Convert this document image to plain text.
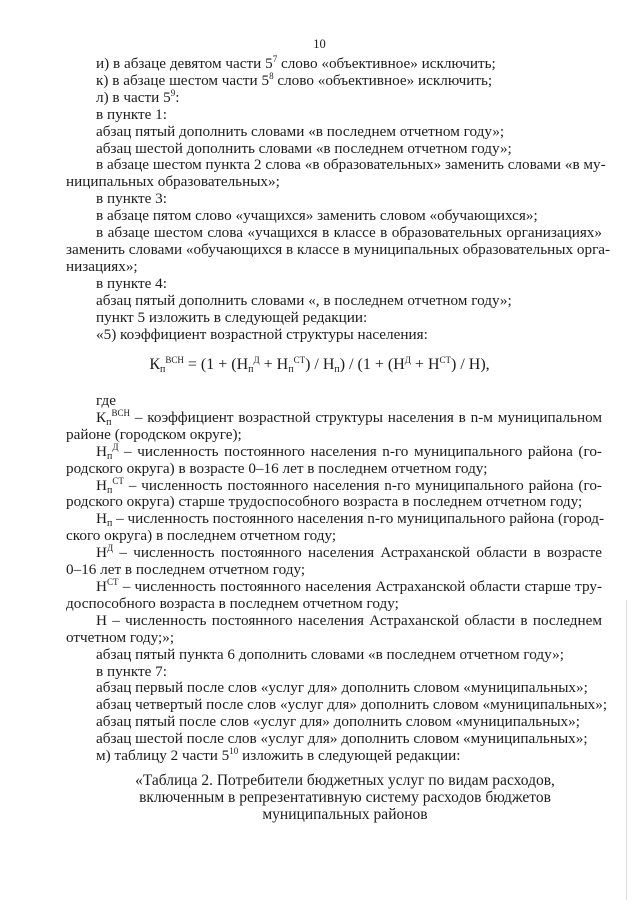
10
и) в абзаце девятом части $5^7$ слово «объективное» исключить;
к) в абзаце шестом части $5^8$ слово «объективное» исключить;
л) в части $5^9$:
в пункте 1:
абзац пятый дополнить словами «в последнем отчетном году»;
абзац шестой дополнить словами «в последнем отчетном году»;
в абзаце шестом пункта 2 слова «в образовательных» заменить словами «в му-
ниципальных образовательных»;
в пункте 3:
в абзаце пятом слово «учащихся» заменить словом «обучающихся»;
в абзаце шестом слова «учащихся в классе в образовательных организациях»
заменить словами «обучающихся в классе в муниципальных образовательных орга-
низациях»;
в пункте 4:
абзац пятый дополнить словами «, в последнем отчетном году»;
пункт 5 изложить в следующей редакции:
«5) коэффициент возрастной структуры населения:
$К_п^{ВСН} = (1 + (Н_п^Д + Н_п^{СТ}) / Н_п) / (1 + (Н^Д + Н^{СТ}) / Н)$,
где
$К_п^{ВСН}$ – коэффициент возрастной структуры населения в n-м муниципальном
районе (городском округе);
$Н_п^Д$ – численность постоянного населения n-го муниципального района (го-
родского округа) в возрасте 0–16 лет в последнем отчетном году;
$Н_п^{СТ}$ – численность постоянного населения n-го муниципального района (го-
родского округа) старше трудоспособного возраста в последнем отчетном году;
$Н_п$ – численность постоянного населения n-го муниципального района (город-
ского округа) в последнем отчетном году;
$Н^Д$ – численность постоянного населения Астраханской области в возрасте
0–16 лет в последнем отчетном году;
$Н^{СТ}$ – численность постоянного населения Астраханской области старше тру-
доспособного возраста в последнем отчетном году;
Н – численность постоянного населения Астраханской области в последнем
отчетном году;»;
абзац пятый пункта 6 дополнить словами «в последнем отчетном году»;
в пункте 7:
абзац первый после слов «услуг для» дополнить словом «муниципальных»;
абзац четвертый после слов «услуг для» дополнить словом «муниципальных»;
абзац пятый после слов «услуг для» дополнить словом «муниципальных»;
абзац шестой после слов «услуг для» дополнить словом «муниципальных»;
м) таблицу 2 части $5^{10}$ изложить в следующей редакции:
«Таблица 2. Потребители бюджетных услуг по видам расходов,
включенным в репрезентативную систему расходов бюджетов
муниципальных районов
